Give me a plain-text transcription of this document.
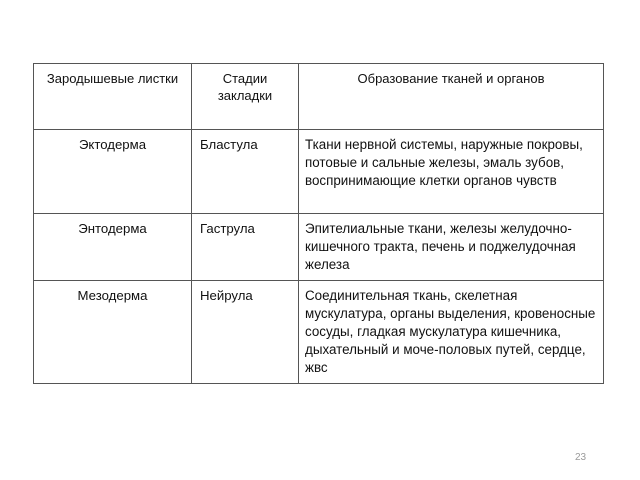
Зародышевые листки	Стадии закладки	Образование тканей и органов
Эктодерма	Бластула	Ткани нервной системы, наружные покровы, потовые и сальные железы, эмаль зубов, воспринимающие клетки органов чувств
Энтодерма	Гаструла	Эпителиальные ткани, железы желудочно-кишечного тракта, печень и поджелудочная железа
Мезодерма	Нейрула	Соединительная ткань, скелетная мускулатура, органы выделения, кровеносные сосуды, гладкая мускулатура кишечника, дыхательный и моче-половых путей, сердце, жвс
23
